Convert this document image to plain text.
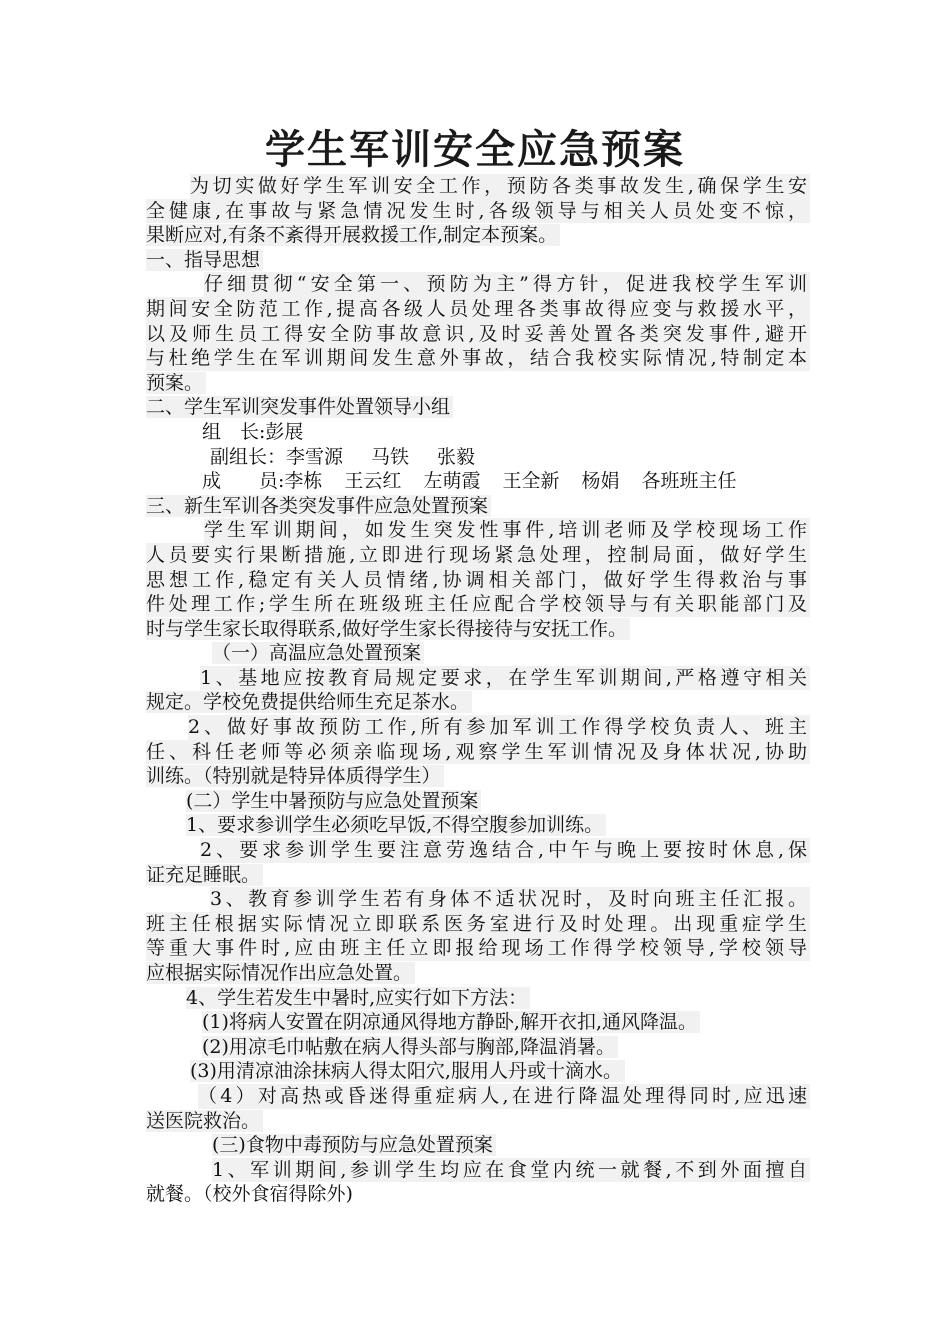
学生军训安全应急预案
为切实做好学生军训安全工作，预防各类事故发生,确保学生安
全健康,在事故与紧急情况发生时,各级领导与相关人员处变不惊，
果断应对,有条不紊得开展救援工作,制定本预案。
一、指导思想
仔细贯彻“安全第一、预防为主”得方针，促进我校学生军训
期间安全防范工作,提高各级人员处理各类事故得应变与救援水平，
以及师生员工得安全防事故意识,及时妥善处置各类突发事件,避开
与杜绝学生在军训期间发生意外事故，结合我校实际情况,特制定本
预案。
二、学生军训突发事件处置领导小组
组　长:彭展
副组长： 李雪源 马铁 张毅
成　　员: 李栋 王云红 左萌霞 王全新 杨娟 各班班主任
三、新生军训各类突发事件应急处置预案
学生军训期间，如发生突发性事件,培训老师及学校现场工作
人员要实行果断措施,立即进行现场紧急处理，控制局面，做好学生
思想工作,稳定有关人员情绪,协调相关部门，做好学生得救治与事
件处理工作;学生所在班级班主任应配合学校领导与有关职能部门及
时与学生家长取得联系,做好学生家长得接待与安抚工作。
（一）高温应急处置预案
1、基地应按教育局规定要求，在学生军训期间,严格遵守相关
规定。学校免费提供给师生充足茶水。
2、做好事故预防工作,所有参加军训工作得学校负责人、班主
任、科任老师等必须亲临现场,观察学生军训情况及身体状况,协助
训练。（特别就是特异体质得学生）
(二）学生中暑预防与应急处置预案
1、要求参训学生必须吃早饭,不得空腹参加训练。
2、要求参训学生要注意劳逸结合,中午与晚上要按时休息,保
证充足睡眠。
3、教育参训学生若有身体不适状况时，及时向班主任汇报。
班主任根据实际情况立即联系医务室进行及时处理。出现重症学生
等重大事件时,应由班主任立即报给现场工作得学校领导,学校领导
应根据实际情况作出应急处置。
4、学生若发生中暑时,应实行如下方法：
(1)将病人安置在阴凉通风得地方静卧,解开衣扣,通风降温。
(2)用凉毛巾帖敷在病人得头部与胸部,降温消暑。
(3)用清凉油涂抹病人得太阳穴,服用人丹或十滴水。
（4）对高热或昏迷得重症病人,在进行降温处理得同时,应迅速
送医院救治。
(三)食物中毒预防与应急处置预案
1、军训期间,参训学生均应在食堂内统一就餐,不到外面擅自
就餐。（校外食宿得除外)
